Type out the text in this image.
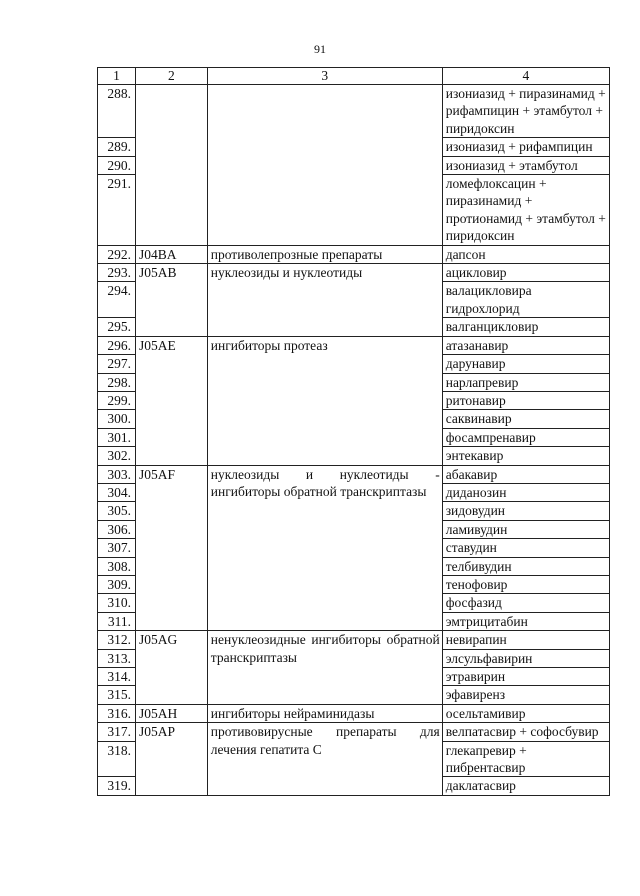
91
1	2	3	4
288.			изониазид + пиразинамид + рифампицин + этамбутол + пиридоксин
289.			изониазид + рифампицин
290.			изониазид + этамбутол
291.			ломефлоксацин + пиразинамид + протионамид + этамбутол + пиридоксин
292.	J04BA	противолепрозные препараты	дапсон
293.	J05AB	нуклеозиды и нуклеотиды	ацикловир
294.			валацикловира гидрохлорид
295.			валганцикловир
296.	J05AE	ингибиторы протеаз	атазанавир
297.			дарунавир
298.			нарлапревир
299.			ритонавир
300.			саквинавир
301.			фосампренавир
302.			энтекавир
303.	J05AF	нуклеозиды и нуклеотиды - ингибиторы обратной транскриптазы	абакавир
304.			диданозин
305.			зидовудин
306.			ламивудин
307.			ставудин
308.			телбивудин
309.			тенофовир
310.			фосфазид
311.			эмтрицитабин
312.	J05AG	ненуклеозидные ингибиторы обратной транскриптазы	невирапин
313.			элсульфавирин
314.			этравирин
315.			эфавиренз
316.	J05AH	ингибиторы нейраминидазы	осельтамивир
317.	J05AP	противовирусные препараты для лечения гепатита С	велпатасвир + софосбувир
318.			глекапревир + пибрентасвир
319.			даклатасвир
